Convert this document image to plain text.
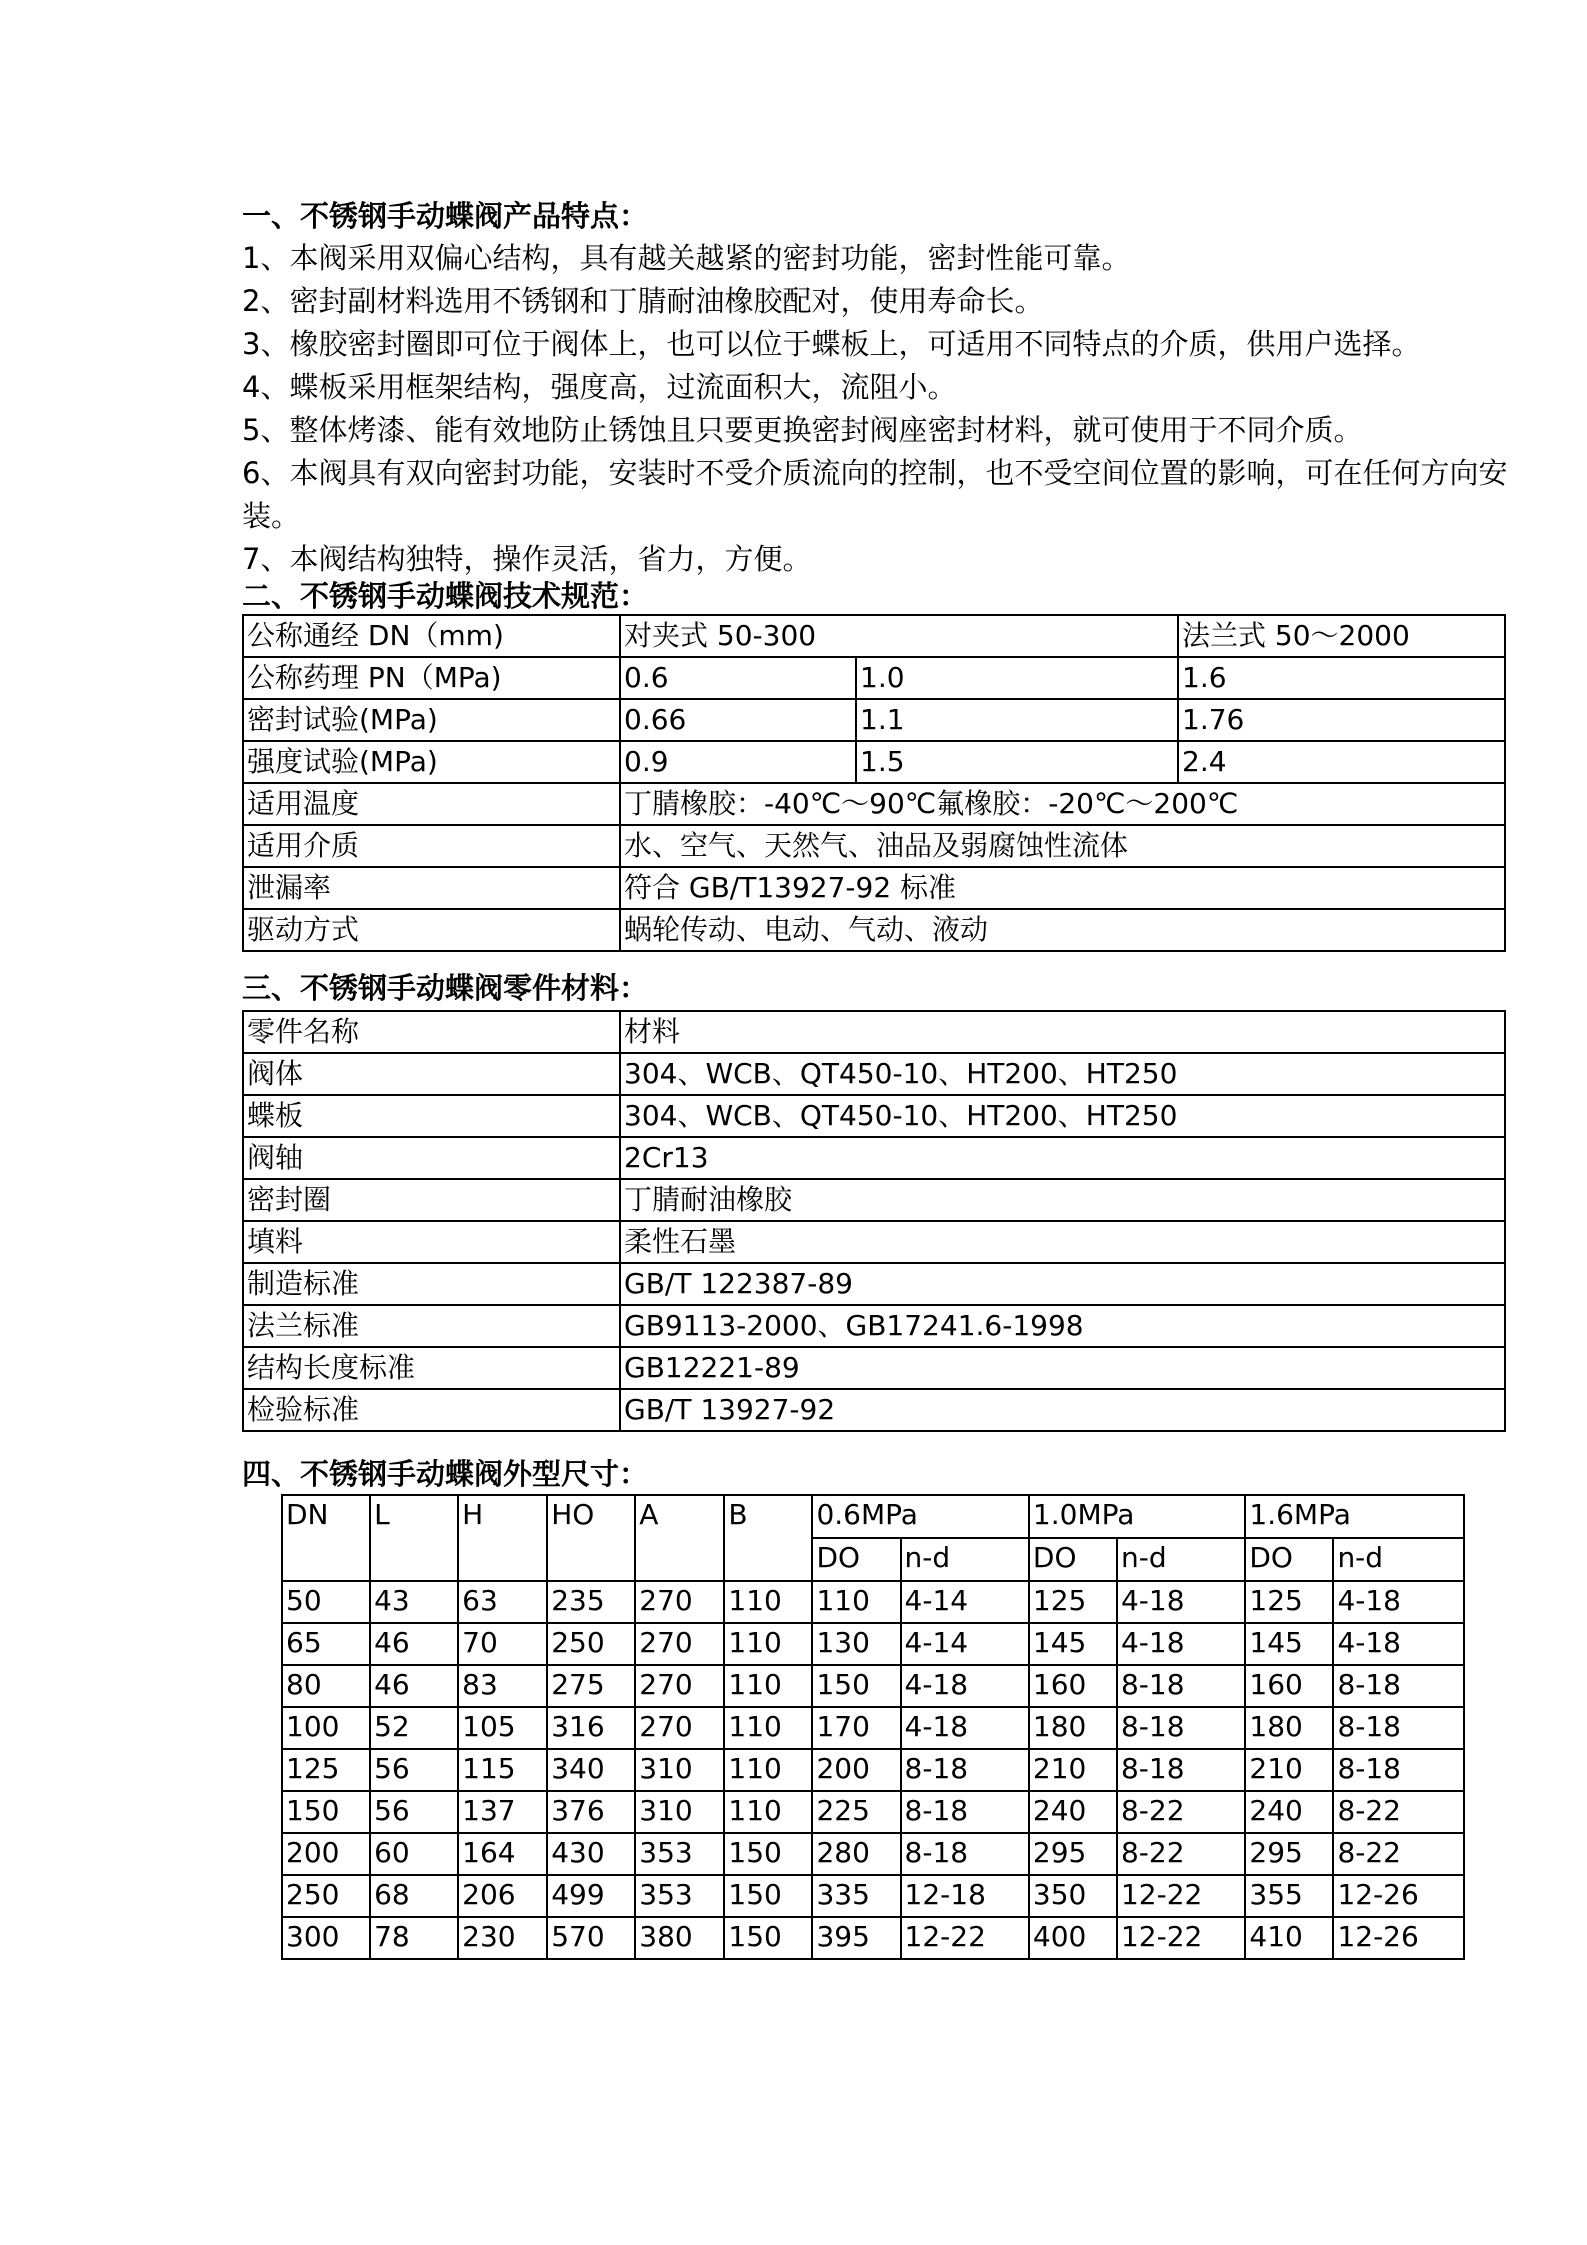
一、不锈钢手动蝶阀产品特点：
1、本阀采用双偏心结构，具有越关越紧的密封功能，密封性能可靠。
2、密封副材料选用不锈钢和丁腈耐油橡胶配对，使用寿命长。
3、橡胶密封圈即可位于阀体上，也可以位于蝶板上，可适用不同特点的介质，供用户选择。
4、蝶板采用框架结构，强度高，过流面积大，流阻小。
5、整体烤漆、能有效地防止锈蚀且只要更换密封阀座密封材料，就可使用于不同介质。
6、本阀具有双向密封功能，安装时不受介质流向的控制，也不受空间位置的影响，可在任何方向安装。
7、本阀结构独特，操作灵活，省力，方便。
二、不锈钢手动蝶阀技术规范：
公称通经 DN（mm)	对夹式 50-300		法兰式 50～2000
公称药理 PN（MPa)	0.6	1.0	1.6
密封试验(MPa)	0.66	1.1	1.76
强度试验(MPa)	0.9	1.5	2.4
适用温度	丁腈橡胶：-40℃～90℃氟橡胶：-20℃～200℃		
适用介质	水、空气、天然气、油品及弱腐蚀性流体		
泄漏率	符合 GB/T13927-92 标准		
驱动方式	蜗轮传动、电动、气动、液动		
三、不锈钢手动蝶阀零件材料：
零件名称	材料
阀体	304、WCB、QT450-10、HT200、HT250
蝶板	304、WCB、QT450-10、HT200、HT250
阀轴	2Cr13
密封圈	丁腈耐油橡胶
填料	柔性石墨
制造标准	GB/T 122387-89
法兰标准	GB9113-2000、GB17241.6-1998
结构长度标准	GB12221-89
检验标准	GB/T 13927-92
四、不锈钢手动蝶阀外型尺寸：
DN	L	H	HO	A	B	0.6MPa		1.0MPa		1.6MPa	
						DO	n-d	DO	n-d	DO	n-d
50	43	63	235	270	110	110	4-14	125	4-18	125	4-18
65	46	70	250	270	110	130	4-14	145	4-18	145	4-18
80	46	83	275	270	110	150	4-18	160	8-18	160	8-18
100	52	105	316	270	110	170	4-18	180	8-18	180	8-18
125	56	115	340	310	110	200	8-18	210	8-18	210	8-18
150	56	137	376	310	110	225	8-18	240	8-22	240	8-22
200	60	164	430	353	150	280	8-18	295	8-22	295	8-22
250	68	206	499	353	150	335	12-18	350	12-22	355	12-26
300	78	230	570	380	150	395	12-22	400	12-22	410	12-26
